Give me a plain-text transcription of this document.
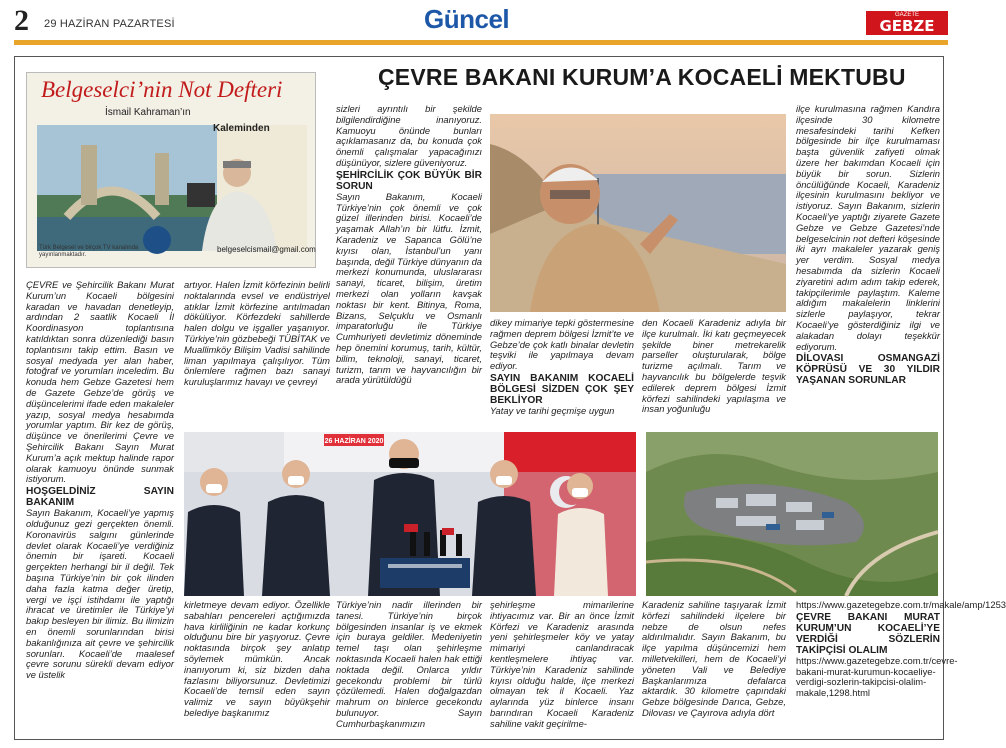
2 29 HAZİRAN PAZARTESİ	Güncel	GAZETE
GEBZE
ÇEVRE BAKANI KURUM’A KOCAELİ MEKTUBU
Belgeselci’nin Not Defteri
İsmail Kahraman’ın
Kaleminden
Türk Belgesel ve birçok TV kanalında yayınlanmaktadır.
belgeselcismail@gmail.com
26 HAZİRAN 2020

ÇEVRE ve Şehircilik Bakanı Murat Kurum’un Kocaeli bölgesini karadan ve havadan denetleyip, ardından 2 saatlik Kocaeli İl Koordinasyon toplantısına katıldıktan sonra düzenlediği basın toplantısını takip ettim. Basın ve sosyal medyada yer alan haber, fotoğraf ve yorumları inceledim. Bu konuda hem Gebze Gazetesi hem de Gazete Gebze’de görüş ve düşüncelerimi ifade eden makaleler yazıp, sosyal medya hesabımda yorumlar yaptım. Bir kez de görüş, düşünce ve önerilerimi Çevre ve Şehircilik Bakanı Sayın Murat Kurum’a açık mektup halinde rapor olarak kamuoyu önünde sunmak istiyorum.

HOŞGELDİNİZ SAYIN BAKANIM

Sayın Bakanım, Kocaeli’ye yapmış olduğunuz gezi gerçekten önemli. Koronavirüs salgını günlerinde devlet olarak Kocaeli’ye verdiğiniz önemin bir işareti. Kocaeli gerçekten herhangi bir il değil. Tek başına Türkiye’nin bir çok ilinden daha fazla katma değer üretip, vergi ve işçi istihdamı ile yaptığı ihracat ve üretimler ile Türkiye’yi bakıp besleyen bir ilimiz. Bu ilimizin en önemli sorunlarından birisi bakanlığınıza ait çevre ve şehircilik sorunları. Kocaeli’de maalesef çevre sorunu sürekli devam ediyor ve üstelik

artıyor. Halen İzmit körfezinin belirli noktalarında evsel ve endüstriyel atıklar İzmit körfezine arıtılmadan dökülüyor. Körfezdeki sahillerde halen dolgu ve işgaller yaşanıyor. Türkiye’nin gözbebeği TÜBİTAK ve Muallimköy Bilişim Vadisi sahilinde liman yapılmaya çalışılıyor. Tüm önlemlere rağmen bazı sanayi kuruluşlarımız havayı ve çevreyi

sizleri ayrıntılı bir şekilde bilgilendirdiğine inanıyoruz. Kamuoyu önünde bunları açıklamasanız da, bu konuda çok önemli çalışmalar yapacağınızı düşünüyor, sizlere güveniyoruz.

ŞEHİRCİLİK ÇOK BÜYÜK BİR SORUN

Sayın Bakanım, Kocaeli Türkiye’nin çok önemli ve çok güzel illerinden birisi. Kocaeli’de yaşamak Allah’ın bir lütfu. İzmit, Karadeniz ve Sapanca Gölü’ne kıyısı olan, İstanbul’un yanı başında, değil Türkiye dünyanın da merkezi konumunda, uluslararası sanayi, ticaret, bilişim, üretim merkezi olan yolların kavşak noktası bir kent. Bitinya, Roma, Bizans, Selçuklu ve Osmanlı imparatorluğu ile Türkiye Cumhuriyeti devletimiz döneminde hep önemini korumuş, tarih, kültür, bilim, teknoloji, sanayi, ticaret, turizm, tarım ve hayvancılığın bir arada yürütüldüğü

dikey mimariye tepki göstermesine rağmen deprem bölgesi İzmit’te ve Gebze’de çok katlı binalar devletin teşviki ile yapılmaya devam ediyor.

SAYIN BAKANIM KOCAELİ BÖLGESİ SİZDEN ÇOK ŞEY BEKLİYOR

Yatay ve tarihi geçmişe uygun

den Kocaeli Karadeniz adıyla bir ilçe kurulmalı. İki katı geçmeyecek şekilde biner metrekarelik parseller oluşturularak, bölge turizme açılmalı. Tarım ve hayvancılık bu bölgelerde teşvik edilerek deprem bölgesi İzmit körfezi sahilindeki yapılaşma ve insan yoğunluğu

ilçe kurulmasına rağmen Kandıra ilçesinde 30 kilometre mesafesindeki tarihi Kefken bölgesinde bir ilçe kurulmaması başta güvenlik zafiyeti olmak üzere her bakımdan Kocaeli için büyük bir sorun. Sizlerin öncülüğünde Kocaeli, Karadeniz ilçesinin kurulmasını bekliyor ve istiyoruz. Sayın Bakanım, sizlerin Kocaeli’ye yaptığı ziyarete Gazete Gebze ve Gebze Gazetesi’nde belgeselcinin not defteri köşesinde iki ayrı makaleler yazarak geniş yer verdim. Sosyal medya hesabımda da sizlerin Kocaeli ziyaretini adım adım takip ederek, takipçilerimle paylaştım. Kaleme aldığım makalelerin linklerini sizlerle paylaşıyor, tekrar Kocaeli’ye gösterdiğiniz ilgi ve alakadan dolayı teşekkür ediyorum.

DİLOVASI OSMANGAZİ KÖPRÜSÜ VE 30 YILDIR YAŞANAN SORUNLAR

kirletmeye devam ediyor. Özellikle sabahları pencereleri açtığımızda hava kirliliğinin ne kadar korkunç olduğunu bire bir yaşıyoruz. Çevre noktasında birçok şey anlatıp söylemek mümkün. Ancak inanıyorum ki, siz bizden daha fazlasını biliyorsunuz. Devletimizi Kocaeli’de temsil eden sayın valimiz ve sayın büyükşehir belediye başkanımız

Türkiye’nin nadir illerinden bir tanesi. Türkiye’nin birçok bölgesinden insanlar iş ve ekmek için buraya geldiler. Medeniyetin temel taşı olan şehirleşme noktasında Kocaeli halen hak ettiği noktada değil. Onlarca yıldır gecekondu problemi bir türlü çözülemedi. Halen doğalgazdan mahrum on binlerce gecekondu bulunuyor. Sayın Cumhurbaşkanımızın

şehirleşme mimarilerine ihtiyacımız var. Bir an önce İzmit Körfezi ve Karadeniz arasında yeni şehirleşmeler köy ve yatay mimariyi canlandıracak kentleşmelere ihtiyaç var. Türkiye’nin Karadeniz sahilinde kıyısı olduğu halde, ilçe merkezi olmayan tek il Kocaeli. Yaz aylarında yüz binlerce insanı barındıran Kocaeli Karadeniz sahiline vakit geçirilme-

Karadeniz sahiline taşıyarak İzmit körfezi sahilindeki ilçelere bir nebze de olsun nefes aldırılmalıdır. Sayın Bakanım, bu ilçe yapılma düşüncemizi hem milletvekilleri, hem de Kocaeli’yi yöneten Vali ve Belediye Başkanlarımıza defalarca aktardık. 30 kilometre çapındaki Gebze bölgesinde Darıca, Gebze, Dilovası ve Çayırova adıyla dört

https://www.gazetegebze.com.tr/makale/amp/1253

ÇEVRE BAKANI MURAT KURUM’UN KOCAELİ’YE VERDİĞİ SÖZLERİN TAKİPÇİSİ OLALIM

https://www.gazetegebze.com.tr/cevre-bakani-murat-kurumun-kocaeliye-verdigi-sozlerin-takipcisi-olalim-makale,1298.html
